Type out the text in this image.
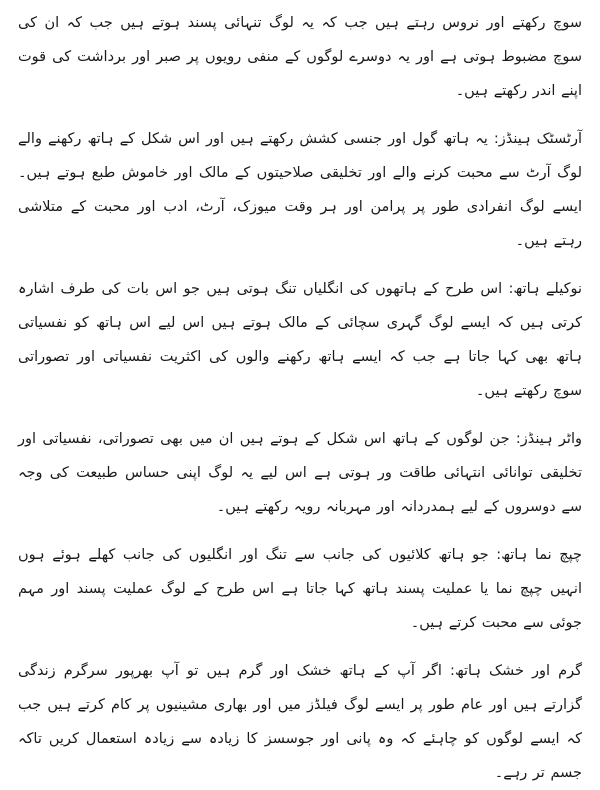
سوچ رکھتے اور نروس رہتے ہیں جب کہ یہ لوگ تنہائی پسند ہوتے ہیں جب کہ ان کی سوچ مضبوط ہوتی ہے اور یہ دوسرے لوگوں کے منفی رویوں پر صبر اور برداشت کی قوت اپنے اندر رکھتے ہیں۔

آرٹسٹک ہینڈز: یہ ہاتھ گول اور جنسی کشش رکھتے ہیں اور اس شکل کے ہاتھ رکھنے والے لوگ آرٹ سے محبت کرنے والے اور تخلیقی صلاحیتوں کے مالک اور خاموش طبع ہوتے ہیں۔ ایسے لوگ انفرادی طور پر پرامن اور ہر وقت میوزک، آرٹ، ادب اور محبت کے متلاشی رہتے ہیں۔

نوکیلے ہاتھ: اس طرح کے ہاتھوں کی انگلیاں تنگ ہوتی ہیں جو اس بات کی طرف اشارہ کرتی ہیں کہ ایسے لوگ گہری سچائی کے مالک ہوتے ہیں اس لیے اس ہاتھ کو نفسیاتی ہاتھ بھی کہا جاتا ہے جب کہ ایسے ہاتھ رکھنے والوں کی اکثریت نفسیاتی اور تصوراتی سوچ رکھتے ہیں۔

واٹر ہینڈز: جن لوگوں کے ہاتھ اس شکل کے ہوتے ہیں ان میں بھی تصوراتی، نفسیاتی اور تخلیقی توانائی انتہائی طاقت ور ہوتی ہے اس لیے یہ لوگ اپنی حساس طبیعت کی وجہ سے دوسروں کے لیے ہمدردانہ اور مہربانہ رویہ رکھتے ہیں۔

چپچ نما ہاتھ: جو ہاتھ کلائیوں کی جانب سے تنگ اور انگلیوں کی جانب کھلے ہوئے ہوں انہیں چپچ نما یا عملیت پسند ہاتھ کہا جاتا ہے اس طرح کے لوگ عملیت پسند اور مہم جوئی سے محبت کرتے ہیں۔

گرم اور خشک ہاتھ: اگر آپ کے ہاتھ خشک اور گرم ہیں تو آپ بھرپور سرگرم زندگی گزارتے ہیں اور عام طور پر ایسے لوگ فیلڈز میں اور بھاری مشینیوں پر کام کرتے ہیں جب کہ ایسے لوگوں کو چاہئے کہ وہ پانی اور جوسسز کا زیادہ سے زیادہ استعمال کریں تاکہ جسم تر رہے۔
